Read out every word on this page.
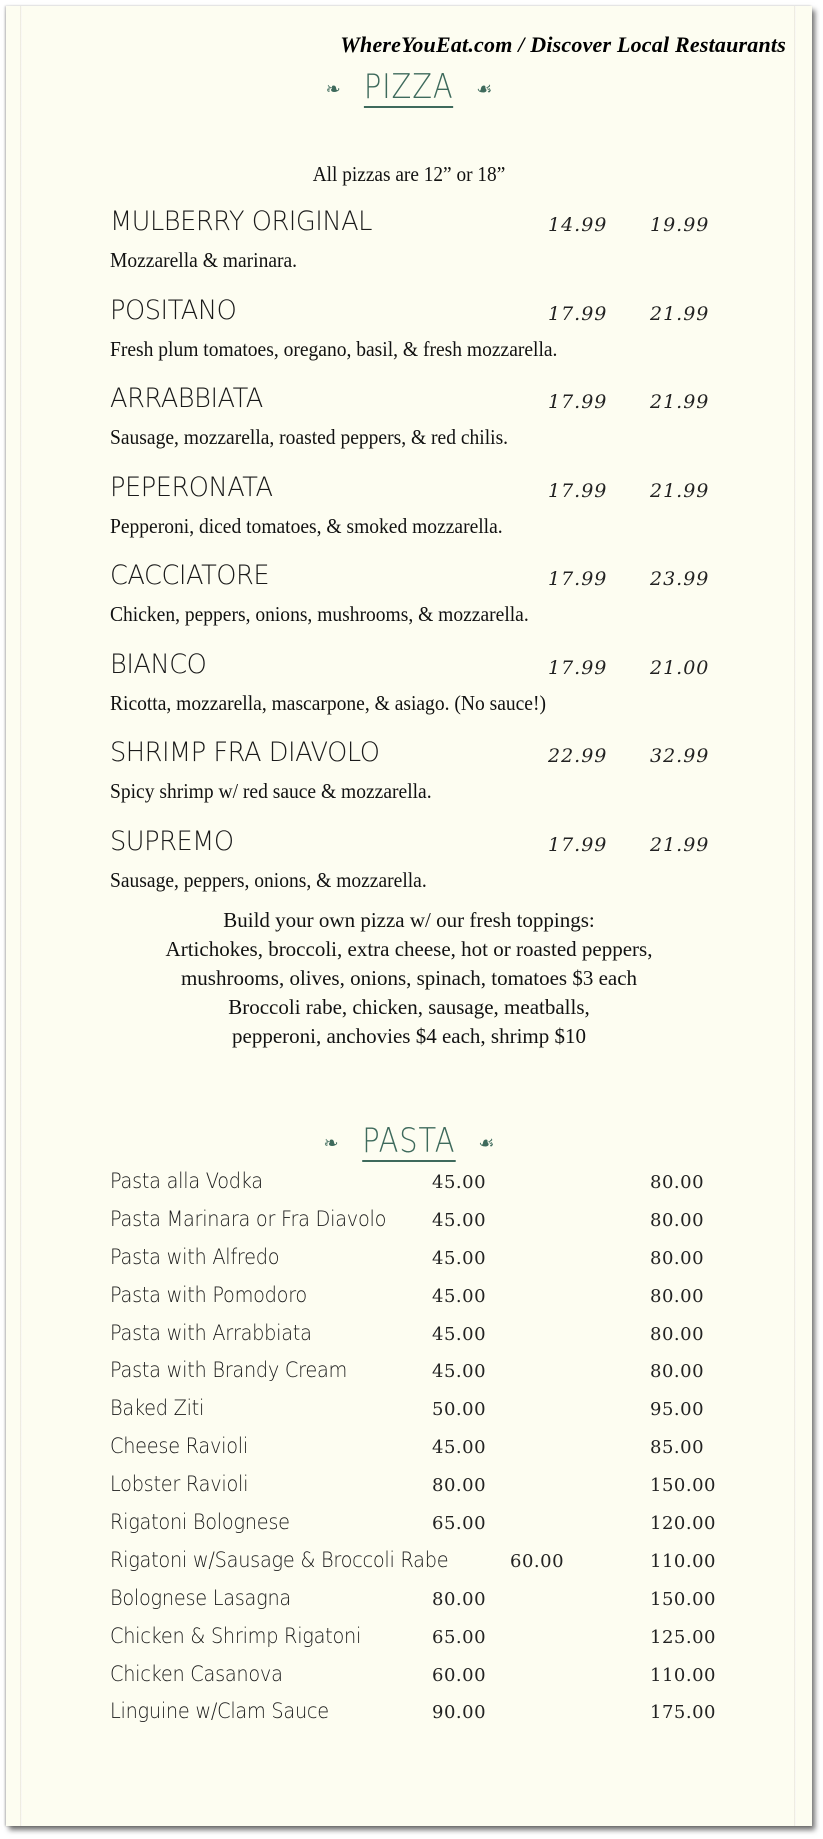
WhereYouEat.com / Discover Local Restaurants
❧ PIZZA ☙
All pizzas are 12” or 18”
MULBERRY ORIGINAL	14.99 19.99
Mozzarella & marinara.
POSITANO	17.99 21.99
Fresh plum tomatoes, oregano, basil, & fresh mozzarella.
ARRABBIATA	17.99 21.99
Sausage, mozzarella, roasted peppers, & red chilis.
PEPERONATA	17.99 21.99
Pepperoni, diced tomatoes, & smoked mozzarella.
CACCIATORE	17.99 23.99
Chicken, peppers, onions, mushrooms, & mozzarella.
BIANCO	17.99 21.00
Ricotta, mozzarella, mascarpone, & asiago. (No sauce!)
SHRIMP FRA DIAVOLO	22.99 32.99
Spicy shrimp w/ red sauce & mozzarella.
SUPREMO	17.99 21.99
Sausage, peppers, onions, & mozzarella.
Build your own pizza w/ our fresh toppings:
Artichokes, broccoli, extra cheese, hot or roasted peppers,
mushrooms, olives, onions, spinach, tomatoes $3 each
Broccoli rabe, chicken, sausage, meatballs,
pepperoni, anchovies $4 each, shrimp $10
❧ PASTA ☙
Pasta alla Vodka	45.00	80.00
Pasta Marinara or Fra Diavolo	45.00	80.00
Pasta with Alfredo	45.00	80.00
Pasta with Pomodoro	45.00	80.00
Pasta with Arrabbiata	45.00	80.00
Pasta with Brandy Cream	45.00	80.00
Baked Ziti	50.00	95.00
Cheese Ravioli	45.00	85.00
Lobster Ravioli	80.00	150.00
Rigatoni Bolognese	65.00	120.00
Rigatoni w/Sausage & Broccoli Rabe	60.00	110.00
Bolognese Lasagna	80.00	150.00
Chicken & Shrimp Rigatoni	65.00	125.00
Chicken Casanova	60.00	110.00
Linguine w/Clam Sauce	90.00	175.00
